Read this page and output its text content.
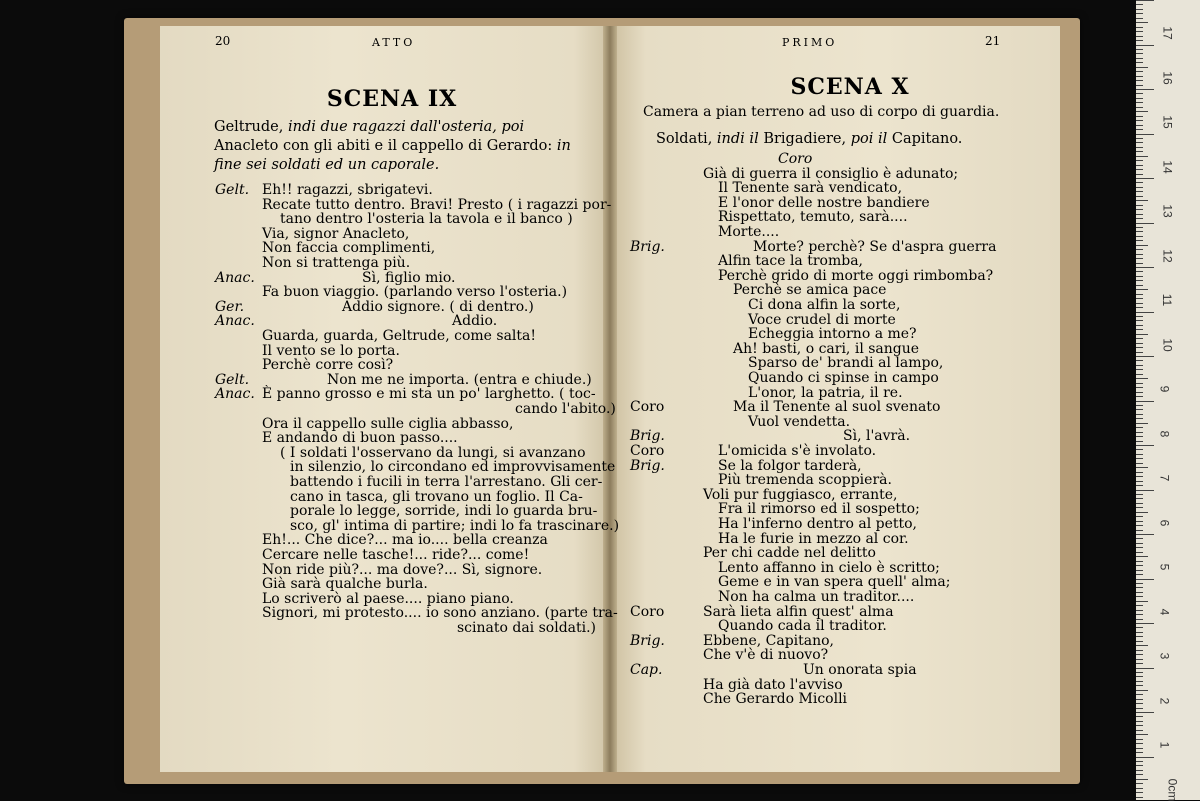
20	ATTO
SCENA IX
Geltrude, indi due ragazzi dall'osteria, poi Anacleto con gli abiti e il cappello di Gerardo: in fine sei soldati ed un caporale.
Gelt. Eh!! ragazzi, sbrigatevi.
Recate tutto dentro. Bravi! Presto ( i ragazzi por-
tano dentro l'osteria la tavola e il banco )
Via, signor Anacleto,
Non faccia complimenti,
Non si trattenga più.
Anac.	Sì, figlio mio.
Fa buon viaggio. (parlando verso l'osteria.)
Ger.	Addio signore. ( di dentro.)
Anac.	Addio.
Guarda, guarda, Geltrude, come salta!
Il vento se lo porta.
Perchè corre così?
Gelt.	Non me ne importa. (entra e chiude.)
Anac. È panno grosso e mi sta un po' larghetto. ( toc-
cando l'abito.)
Ora il cappello sulle ciglia abbasso,
E andando di buon passo....
( I soldati l'osservano da lungi, si avanzano
in silenzio, lo circondano ed improvvisamente
battendo i fucili in terra l'arrestano. Gli cer-
cano in tasca, gli trovano un foglio. Il Ca-
porale lo legge, sorride, indi lo guarda bru-
sco, gl' intima di partire; indi lo fa trascinare.)
Eh!... Che dice?... ma io.... bella creanza
Cercare nelle tasche!... ride?... come!
Non ride più?... ma dove?... Sì, signore.
Già sarà qualche burla.
Lo scriverò al paese.... piano piano.
Signori, mi protesto.... io sono anziano. (parte tra-
scinato dai soldati.)
PRIMO	21
SCENA X
Camera a pian terreno ad uso di corpo di guardia.
Soldati, indi il Brigadiere, poi il Capitano.
Coro
Già di guerra il consiglio è adunato;
Il Tenente sarà vendicato,
E l'onor delle nostre bandiere
Rispettato, temuto, sarà....
Morte....
Brig.	Morte? perchè? Se d'aspra guerra
Alfin tace la tromba,
Perchè grido di morte oggi rimbomba?
Perchè se amica pace
Ci dona alfin la sorte,
Voce crudel di morte
Echeggia intorno a me?
Ah! basti, o cari, il sangue
Sparso de' brandi al lampo,
Quando ci spinse in campo
L'onor, la patria, il re.
Coro	Ma il Tenente al suol svenato
Vuol vendetta.
Brig.	Sì, l'avrà.
Coro	L'omicida s'è involato.
Brig.	Se la folgor tarderà,
Più tremenda scoppierà.
Voli pur fuggiasco, errante,
Fra il rimorso ed il sospetto;
Ha l'inferno dentro al petto,
Ha le furie in mezzo al cor.
Per chi cadde nel delitto
Lento affanno in cielo è scritto;
Geme e in van spera quell' alma;
Non ha calma un traditor....
Coro	Sarà lieta alfin quest' alma
Quando cada il traditor.
Brig.	Ebbene, Capitano,
Che v'è di nuovo?
Cap.	Un onorata spia
Ha già dato l'avviso
Che Gerardo Micolli
17
16
15
14
13
12
11
10
9
8
7
6
5
4
3
2
1
0cm
